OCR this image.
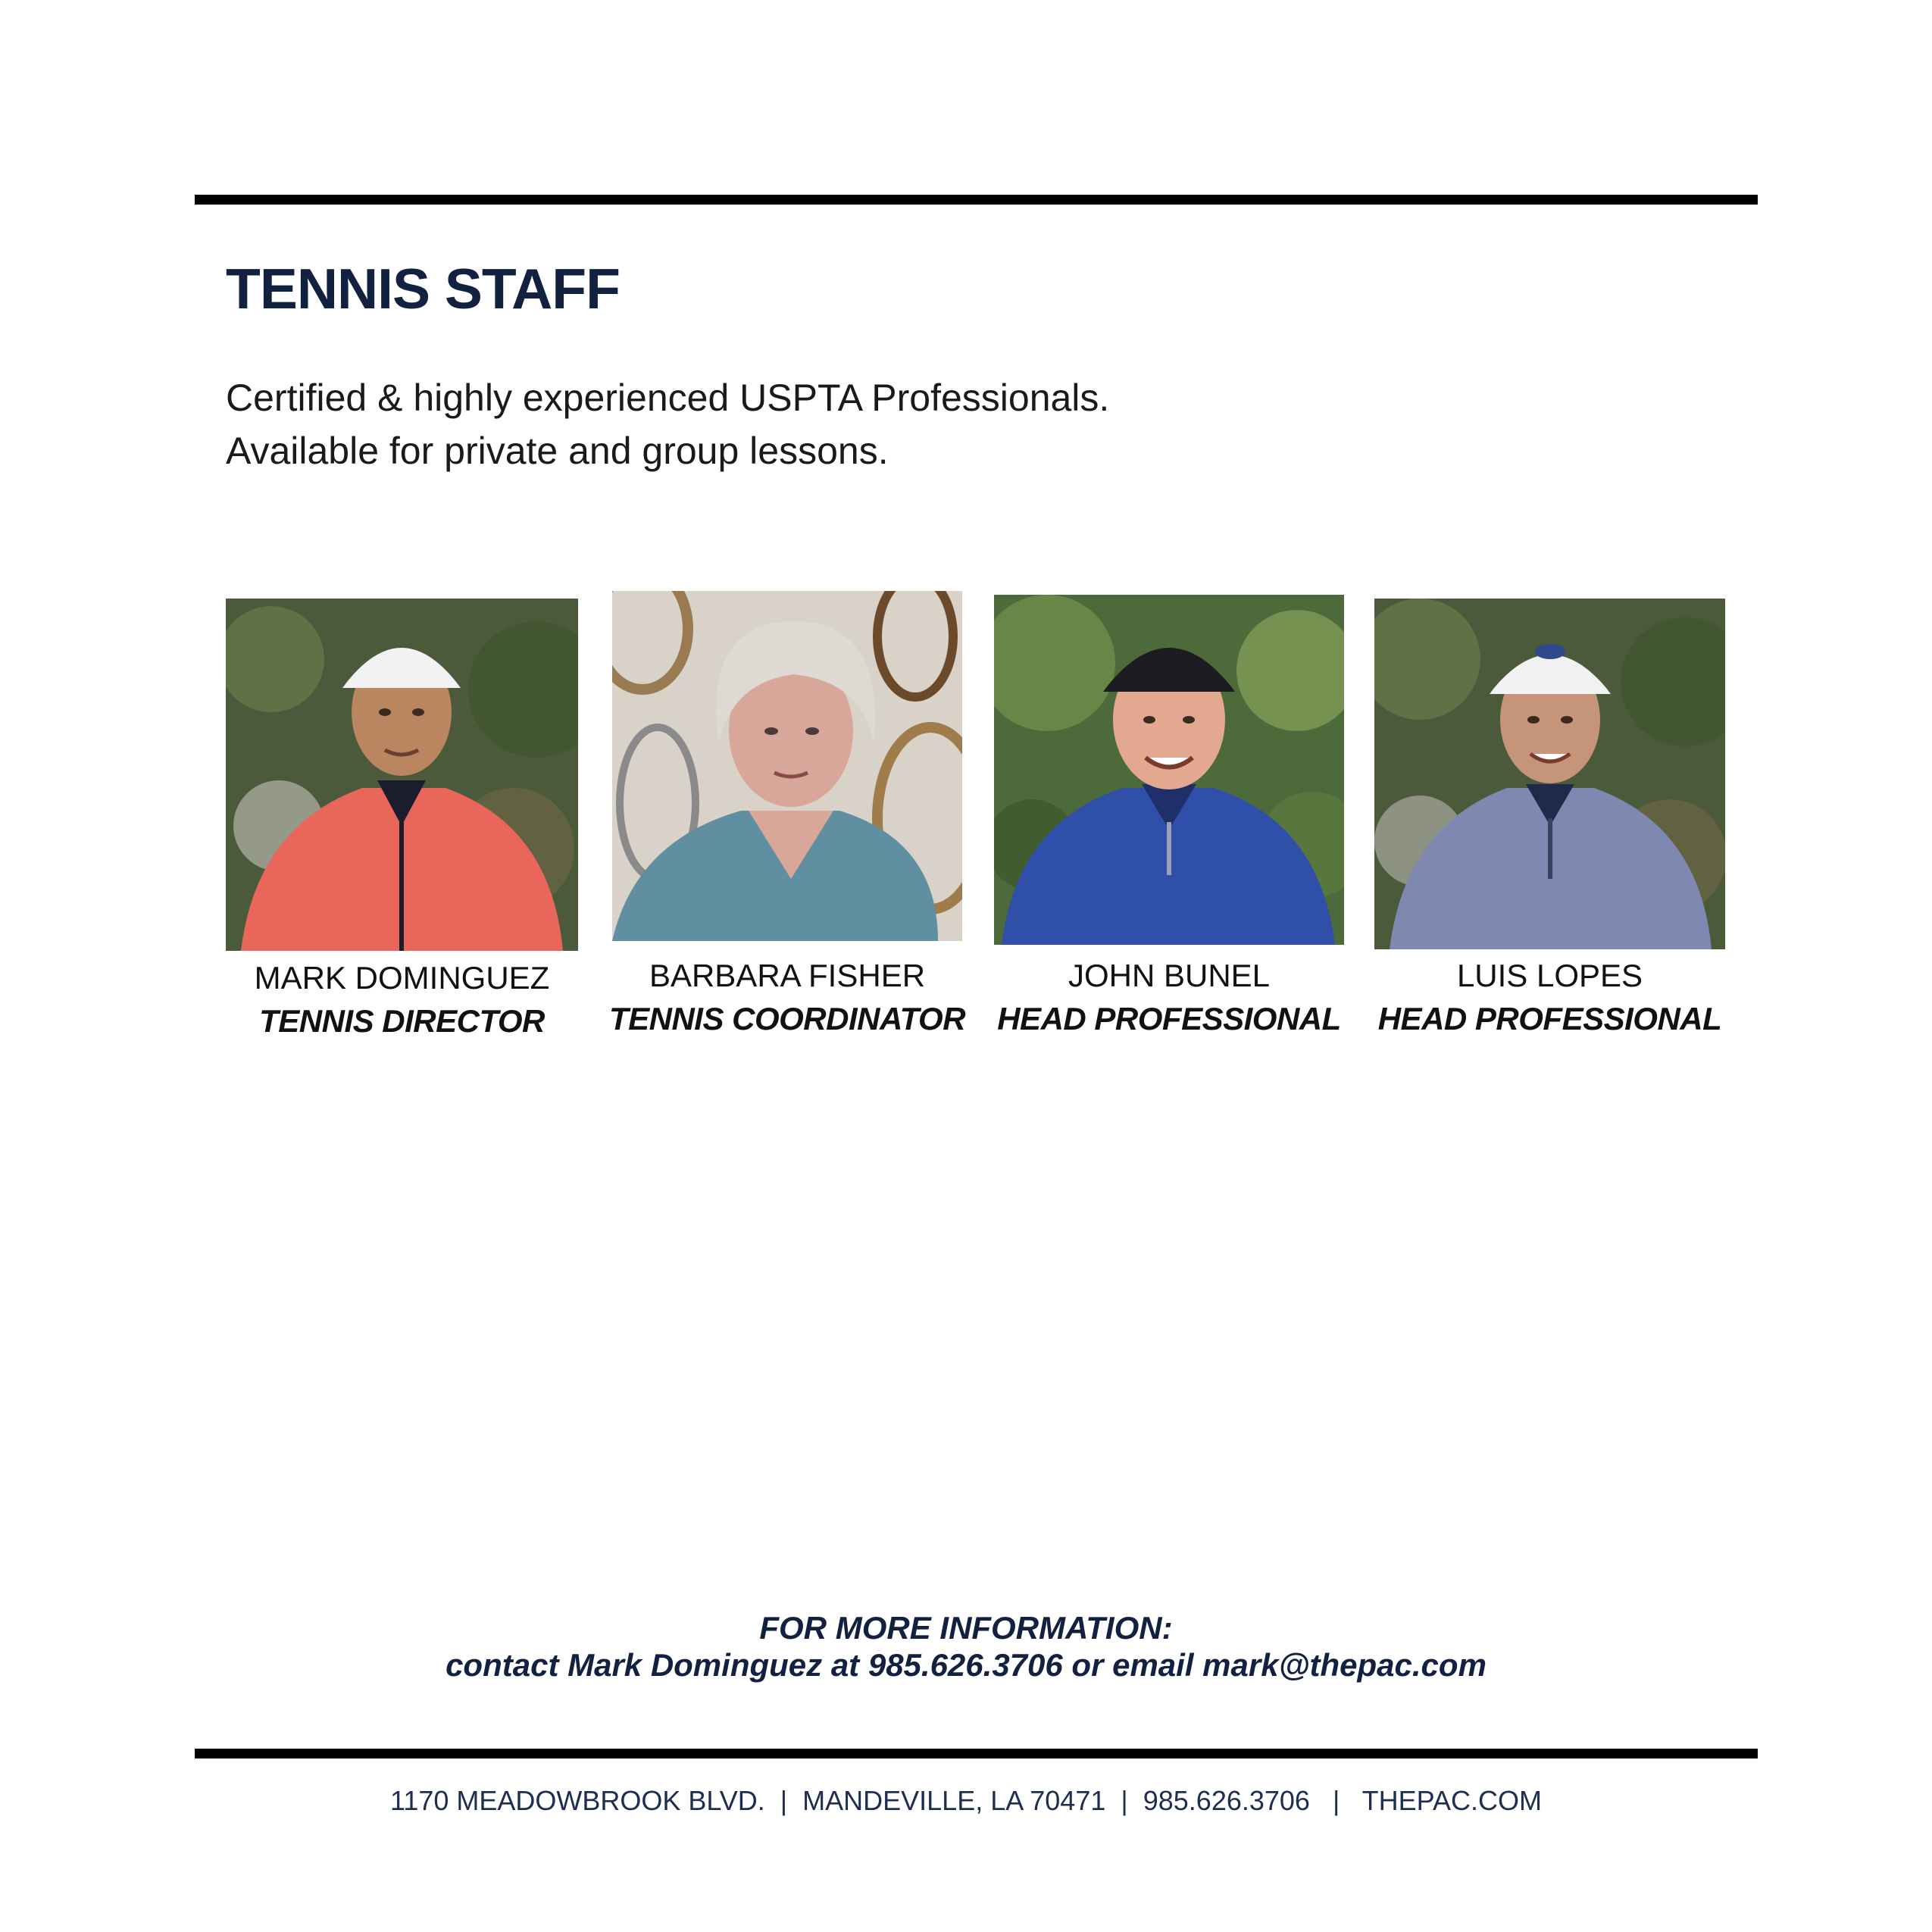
TENNIS STAFF
Certified & highly experienced USPTA Professionals.
Available for private and group lessons.
MARK DOMINGUEZ
TENNIS DIRECTOR
BARBARA FISHER
TENNIS COORDINATOR
JOHN BUNEL
HEAD PROFESSIONAL
LUIS LOPES
HEAD PROFESSIONAL
FOR MORE INFORMATION:
contact Mark Dominguez at 985.626.3706 or email mark@thepac.com
1170 MEADOWBROOK BLVD.  |  MANDEVILLE, LA 70471  |  985.626.3706   |   THEPAC.COM
